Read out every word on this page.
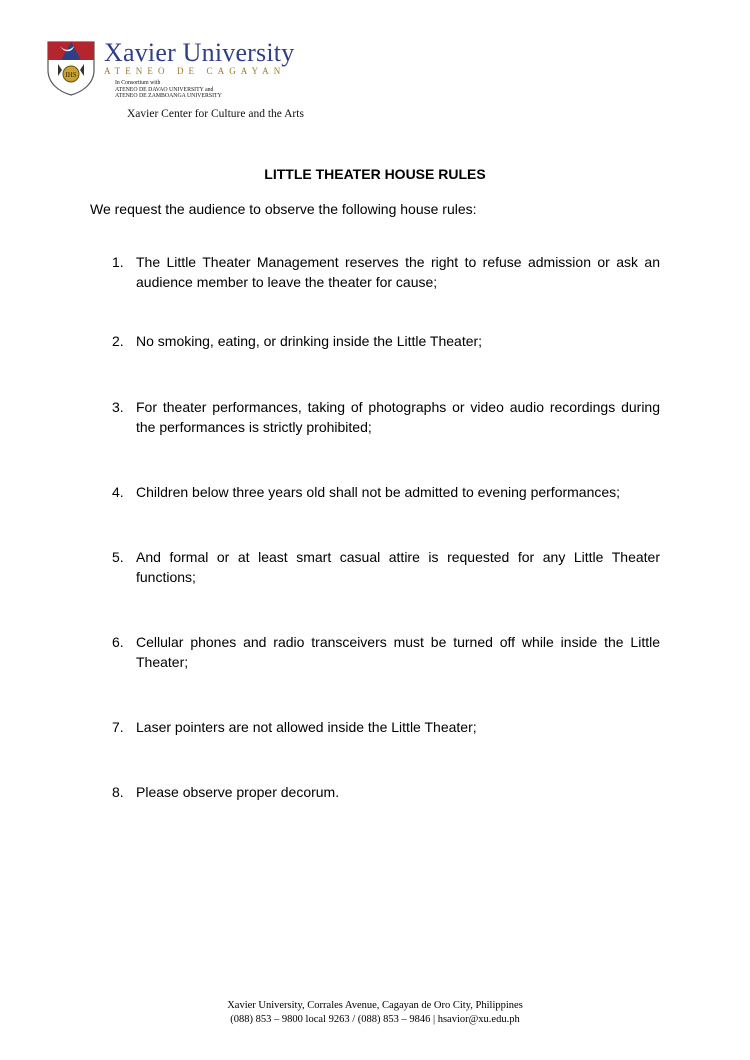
IHS
Xavier University
ATENEO DE CAGAYAN
In Consortium with
ATENEO DE DAVAO UNIVERSITY and
ATENEO DE ZAMBOANGA UNIVERSITY
Xavier Center for Culture and the Arts
LITTLE THEATER HOUSE RULES
We request the audience to observe the following house rules:
1. The Little Theater Management reserves the right to refuse admission or ask an audience member to leave the theater for cause;
2. No smoking, eating, or drinking inside the Little Theater;
3. For theater performances, taking of photographs or video audio recordings during the performances is strictly prohibited;
4. Children below three years old shall not be admitted to evening performances;
5. And formal or at least smart casual attire is requested for any Little Theater functions;
6. Cellular phones and radio transceivers must be turned off while inside the Little Theater;
7. Laser pointers are not allowed inside the Little Theater;
8. Please observe proper decorum.
Xavier University, Corrales Avenue, Cagayan de Oro City, Philippines
(088) 853 – 9800 local 9263 / (088) 853 – 9846 | hsavior@xu.edu.ph
